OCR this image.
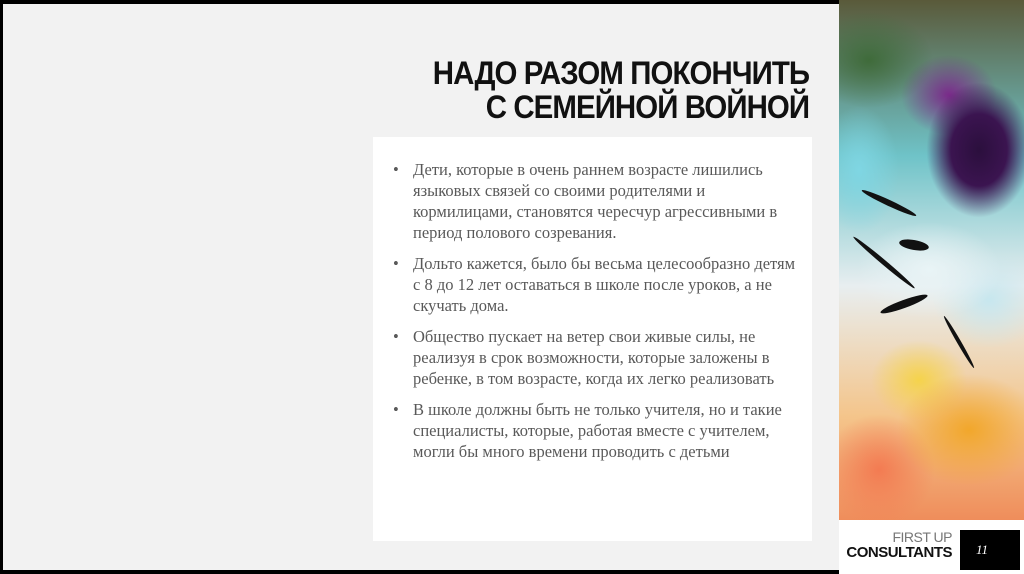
НАДО РАЗОМ ПОКОНЧИТЬ
С СЕМЕЙНОЙ ВОЙНОЙ
• Дети, которые в очень раннем возрасте лишились языковых связей со своими родителями и кормилицами, становятся чересчур агрессивными в период полового созревания.
• Дольто кажется, было бы весьма целесообразно детям с 8 до 12 лет оставаться в школе после уроков, а не скучать дома.
• Общество пускает на ветер свои живые силы, не реализуя в срок возможности, которые заложены в ребенке, в том возрасте, когда их легко реализовать
• В школе должны быть не только учителя, но и такие специалисты, которые, работая вместе с учителем, могли бы много времени проводить с детьми
FIRST UP
CONSULTANTS 11
